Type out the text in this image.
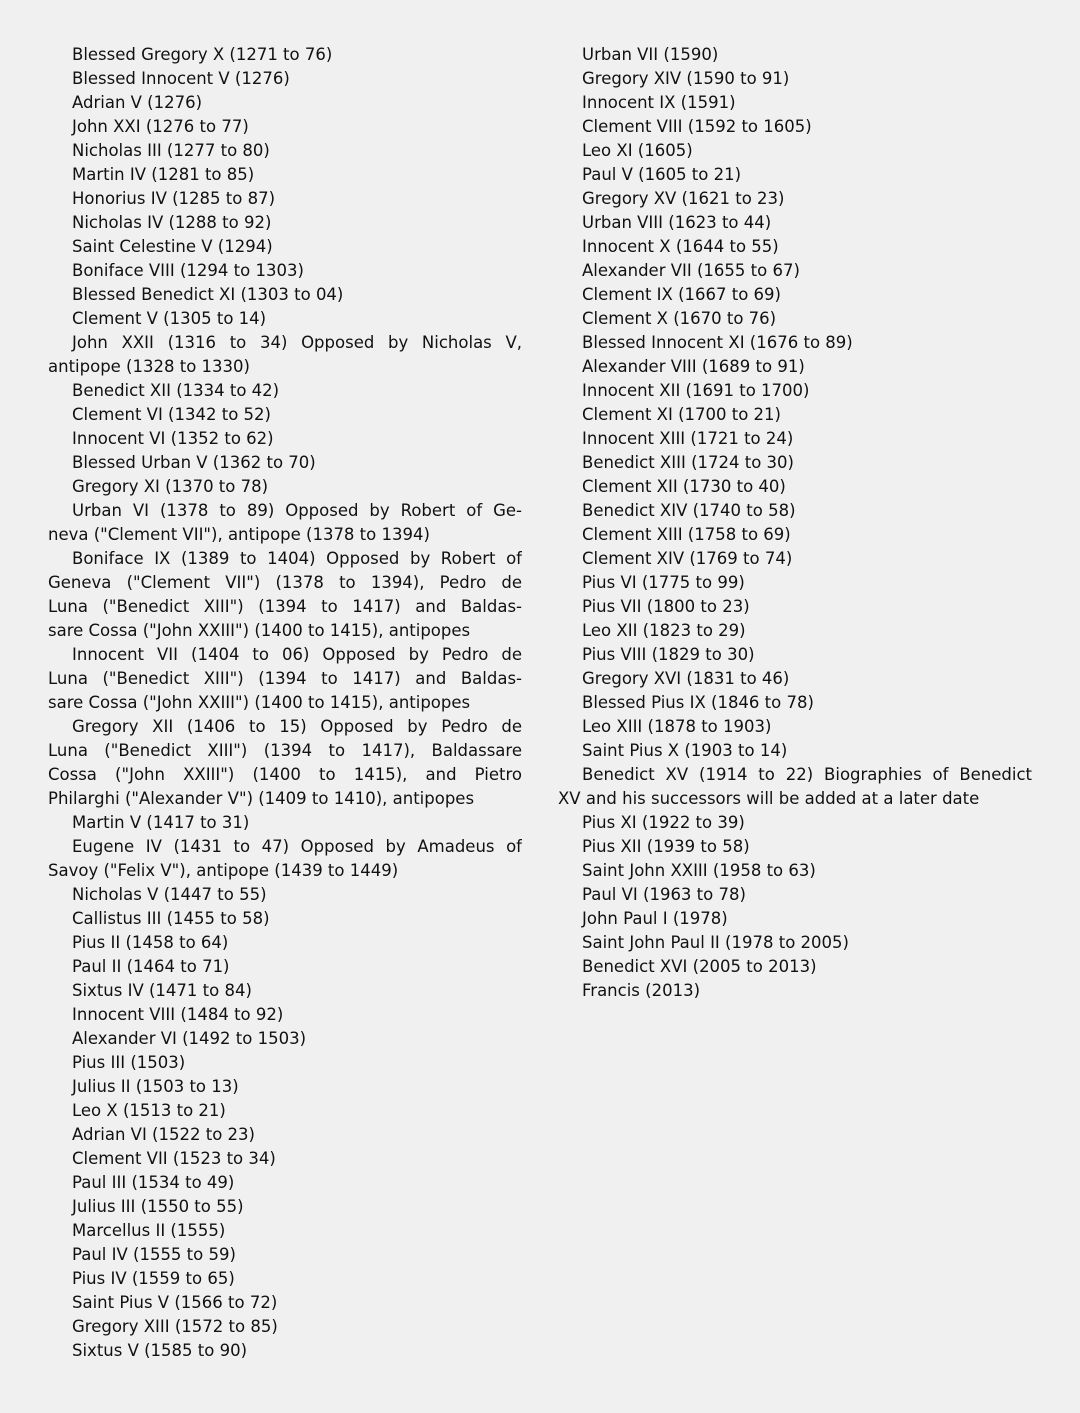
Blessed Gregory X (1271 to 76)
Blessed Innocent V (1276)
Adrian V (1276)
John XXI (1276 to 77)
Nicholas III (1277 to 80)
Martin IV (1281 to 85)
Honorius IV (1285 to 87)
Nicholas IV (1288 to 92)
Saint Celestine V (1294)
Boniface VIII (1294 to 1303)
Blessed Benedict XI (1303 to 04)
Clement V (1305 to 14)
John XXII (1316 to 34) Opposed by Nicholas V,
antipope (1328 to 1330)
Benedict XII (1334 to 42)
Clement VI (1342 to 52)
Innocent VI (1352 to 62)
Blessed Urban V (1362 to 70)
Gregory XI (1370 to 78)
Urban VI (1378 to 89) Opposed by Robert of Ge-
neva ("Clement VII"), antipope (1378 to 1394)
Boniface IX (1389 to 1404) Opposed by Robert of
Geneva ("Clement VII") (1378 to 1394), Pedro de
Luna ("Benedict XIII") (1394 to 1417) and Baldas-
sare Cossa ("John XXIII") (1400 to 1415), antipopes
Innocent VII (1404 to 06) Opposed by Pedro de
Luna ("Benedict XIII") (1394 to 1417) and Baldas-
sare Cossa ("John XXIII") (1400 to 1415), antipopes
Gregory XII (1406 to 15) Opposed by Pedro de
Luna ("Benedict XIII") (1394 to 1417), Baldassare
Cossa ("John XXIII") (1400 to 1415), and Pietro
Philarghi ("Alexander V") (1409 to 1410), antipopes
Martin V (1417 to 31)
Eugene IV (1431 to 47) Opposed by Amadeus of
Savoy ("Felix V"), antipope (1439 to 1449)
Nicholas V (1447 to 55)
Callistus III (1455 to 58)
Pius II (1458 to 64)
Paul II (1464 to 71)
Sixtus IV (1471 to 84)
Innocent VIII (1484 to 92)
Alexander VI (1492 to 1503)
Pius III (1503)
Julius II (1503 to 13)
Leo X (1513 to 21)
Adrian VI (1522 to 23)
Clement VII (1523 to 34)
Paul III (1534 to 49)
Julius III (1550 to 55)
Marcellus II (1555)
Paul IV (1555 to 59)
Pius IV (1559 to 65)
Saint Pius V (1566 to 72)
Gregory XIII (1572 to 85)
Sixtus V (1585 to 90)
Urban VII (1590)
Gregory XIV (1590 to 91)
Innocent IX (1591)
Clement VIII (1592 to 1605)
Leo XI (1605)
Paul V (1605 to 21)
Gregory XV (1621 to 23)
Urban VIII (1623 to 44)
Innocent X (1644 to 55)
Alexander VII (1655 to 67)
Clement IX (1667 to 69)
Clement X (1670 to 76)
Blessed Innocent XI (1676 to 89)
Alexander VIII (1689 to 91)
Innocent XII (1691 to 1700)
Clement XI (1700 to 21)
Innocent XIII (1721 to 24)
Benedict XIII (1724 to 30)
Clement XII (1730 to 40)
Benedict XIV (1740 to 58)
Clement XIII (1758 to 69)
Clement XIV (1769 to 74)
Pius VI (1775 to 99)
Pius VII (1800 to 23)
Leo XII (1823 to 29)
Pius VIII (1829 to 30)
Gregory XVI (1831 to 46)
Blessed Pius IX (1846 to 78)
Leo XIII (1878 to 1903)
Saint Pius X (1903 to 14)
Benedict XV (1914 to 22) Biographies of Benedict
XV and his successors will be added at a later date
Pius XI (1922 to 39)
Pius XII (1939 to 58)
Saint John XXIII (1958 to 63)
Paul VI (1963 to 78)
John Paul I (1978)
Saint John Paul II (1978 to 2005)
Benedict XVI (2005 to 2013)
Francis (2013)
